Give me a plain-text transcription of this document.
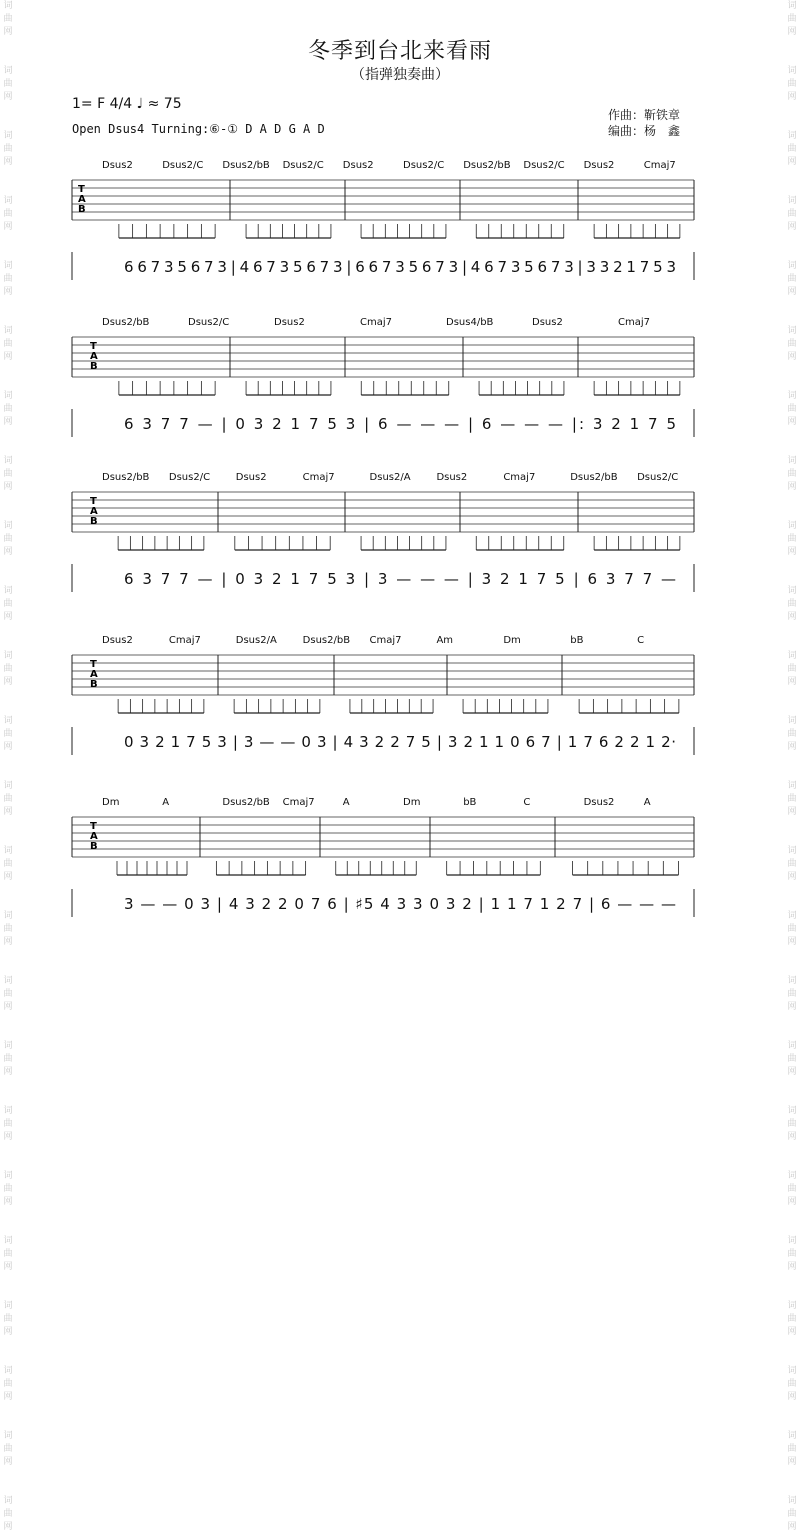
词
曲
网

词
曲
网

词
曲
网

词
曲
网

词
曲
网

词
曲
网

词
曲
网

词
曲
网

词
曲
网

词
曲
网

词
曲
网

词
曲
网

词
曲
网

词
曲
网

词
曲
网

词
曲
网

词
曲
网

词
曲
网

词
曲
网

词
曲
网

词
曲
网

词
曲
网

词
曲
网

词
曲
网

词
曲
网

词
曲
网

词
曲
网

词
曲
网

词
曲
网

词
曲
网

词
曲
网

词
曲
网

词
曲
网

词
曲
网

词
曲
网

词
曲
网

词
曲
网

词
曲
网

词
曲
网

词
曲
网

词
曲
网

词
曲
网

词
曲
网

词
曲
网

词
曲
网

词
曲
网

词
曲
网

词
曲
网

冬季到台北来看雨
（指弹独奏曲）
1= F 4/4 ♩ ≈ 75
Open Dsus4 Turning:⑥-① D A D G A D
作曲：靳铁章
编曲：杨　鑫
Dsus2	Dsus2/C Dsus2/bB Dsus2/C Dsus2	Dsus2/C Dsus2/bB Dsus2/C Dsus2	Cmaj7
T
A
B
6 6 7 3 5 6 7 3 | 4 6 7 3 5 6 7 3 | 6 6 7 3 5 6 7 3 | 4 6 7 3 5 6 7 3 | 3 3 2 1 7 5 3
Dsus2/bB	Dsus2/C	Dsus2	Cmaj7	Dsus4/bB	Dsus2	Cmaj7
T
A
B
6 3 7 7 — | 0 3 2 1 7 5 3 | 6 — — — | 6 — — — |: 3 2 1 7 5
Dsus2/bB Dsus2/C	Dsus2	Cmaj7	Dsus2/A	Dsus2	Cmaj7	Dsus2/bB Dsus2/C
T
A
B
6 3 7 7 — | 0 3 2 1 7 5 3 | 3 — — — | 3 2 1 7 5 | 6 3 7 7 —
Dsus2	Cmaj7	Dsus2/A	Dsus2/bB Cmaj7	Am	Dm	bB	C
T
A
B
0 3 2 1 7 5 3 | 3 — — 0 3 | 4 3 2 2 7 5 | 3 2 1 1 0 6 7 | 1 7 6 2 2 1 2·
Dm	A	Dsus2/bB Cmaj7	A	Dm	bB	C	Dsus2	A
T
A
B
3 — — 0 3 | 4 3 2 2 0 7 6 | ♯5 4 3 3 0 3 2 | 1 1 7 1 2 7 | 6 — — —
